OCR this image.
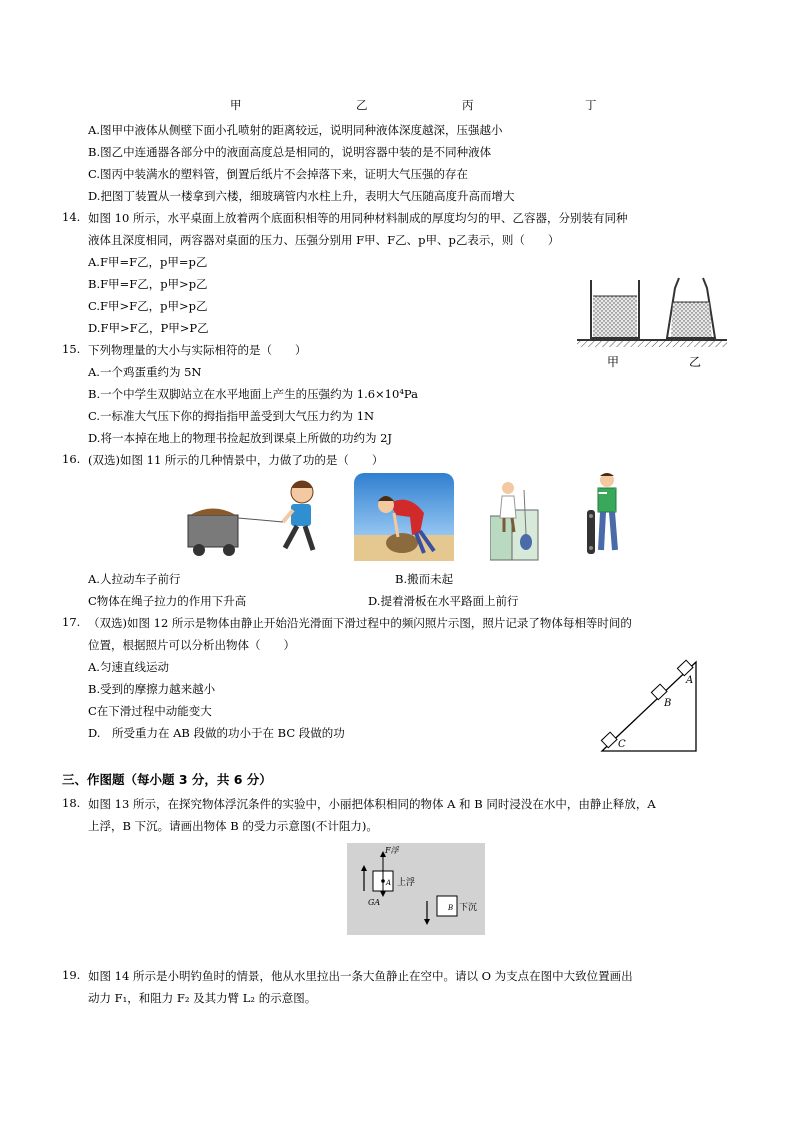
甲	乙	丙	丁
A.图甲中液体从侧壁下面小孔喷射的距离较远，说明同种液体深度越深，压强越小
B.图乙中连通器各部分中的液面高度总是相同的，说明容器中装的是不同种液体
C.图丙中装满水的塑料管，倒置后纸片不会掉落下来，证明大气压强的存在
D.把图丁装置从一楼拿到六楼，细玻璃管内水柱上升，表明大气压随高度升高而增大
14. 如图 10 所示，水平桌面上放着两个底面积相等的用同种材料制成的厚度均匀的甲、乙容器，分别装有同种
液体且深度相同，两容器对桌面的压力、压强分别用 F甲、F乙、p甲、p乙表示，则（　　）
A.F甲=F乙，p甲=p乙
B.F甲=F乙，p甲>p乙
C.F甲>F乙，p甲>p乙
D.F甲>F乙，P甲>P乙
甲	乙
15. 下列物理量的大小与实际相符的是（　　）
A.一个鸡蛋重约为 5N
B.一个中学生双脚站立在水平地面上产生的压强约为 1.6×10⁴Pa
C.一标准大气压下你的拇指指甲盖受到大气压力约为 1N
D.将一本掉在地上的物理书捡起放到课桌上所做的功约为 2J
16. (双选)如图 11 所示的几种情景中，力做了功的是（　　）
A.人拉动车子前行	B.搬而未起
C物体在绳子拉力的作用下升高	D.提着滑板在水平路面上前行
17. （双选)如图 12 所示是物体由静止开始沿光滑面下滑过程中的频闪照片示图，照片记录了物体每相等时间的
位置，根据照片可以分析出物体（　　）
A.匀速直线运动
B.受到的摩擦力越来越小
C在下滑过程中动能变大
D.　所受重力在 AB 段做的功小于在 BC 段做的功
A
B
C
三、作图题（每小题 3 分，共 6 分）
18. 如图 13 所示，在探究物体浮沉条件的实验中，小丽把体积相同的物体 A 和 B 同时浸没在水中，由静止释放，A
上浮，B 下沉。请画出物体 B 的受力示意图(不计阻力)。
F浮
GA
A
B
上浮
下沉
19. 如图 14 所示是小明钓鱼时的情景，他从水里拉出一条大鱼静止在空中。请以 O 为支点在图中大致位置画出
动力 F₁，和阻力 F₂ 及其力臂 L₂ 的示意图。
